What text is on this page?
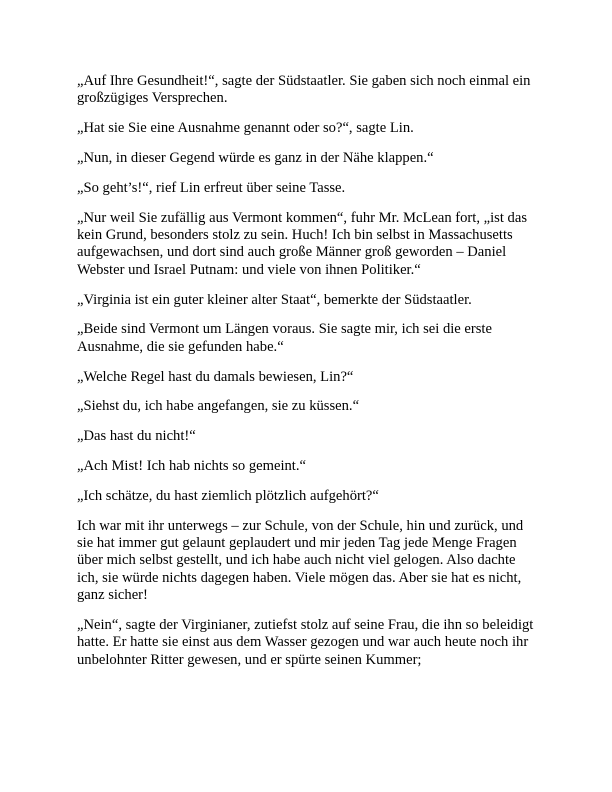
„Auf Ihre Gesundheit!“, sagte der Südstaatler. Sie gaben sich noch einmal ein großzügiges Versprechen.

„Hat sie Sie eine Ausnahme genannt oder so?“, sagte Lin.

„Nun, in dieser Gegend würde es ganz in der Nähe klappen.“

„So geht’s!“, rief Lin erfreut über seine Tasse.

„Nur weil Sie zufällig aus Vermont kommen“, fuhr Mr. McLean fort, „ist das kein Grund, besonders stolz zu sein. Huch! Ich bin selbst in Massachusetts aufgewachsen, und dort sind auch große Männer groß geworden – Daniel Webster und Israel Putnam: und viele von ihnen Politiker.“

„Virginia ist ein guter kleiner alter Staat“, bemerkte der Südstaatler.

„Beide sind Vermont um Längen voraus. Sie sagte mir, ich sei die erste Ausnahme, die sie gefunden habe.“

„Welche Regel hast du damals bewiesen, Lin?“

„Siehst du, ich habe angefangen, sie zu küssen.“

„Das hast du nicht!“

„Ach Mist! Ich hab nichts so gemeint.“

„Ich schätze, du hast ziemlich plötzlich aufgehört?“

Ich war mit ihr unterwegs – zur Schule, von der Schule, hin und zurück, und sie hat immer gut gelaunt geplaudert und mir jeden Tag jede Menge Fragen über mich selbst gestellt, und ich habe auch nicht viel gelogen. Also dachte ich, sie würde nichts dagegen haben. Viele mögen das. Aber sie hat es nicht, ganz sicher!

„Nein“, sagte der Virginianer, zutiefst stolz auf seine Frau, die ihn so beleidigt hatte. Er hatte sie einst aus dem Wasser gezogen und war auch heute noch ihr unbelohnter Ritter gewesen, und er spürte seinen Kummer;
